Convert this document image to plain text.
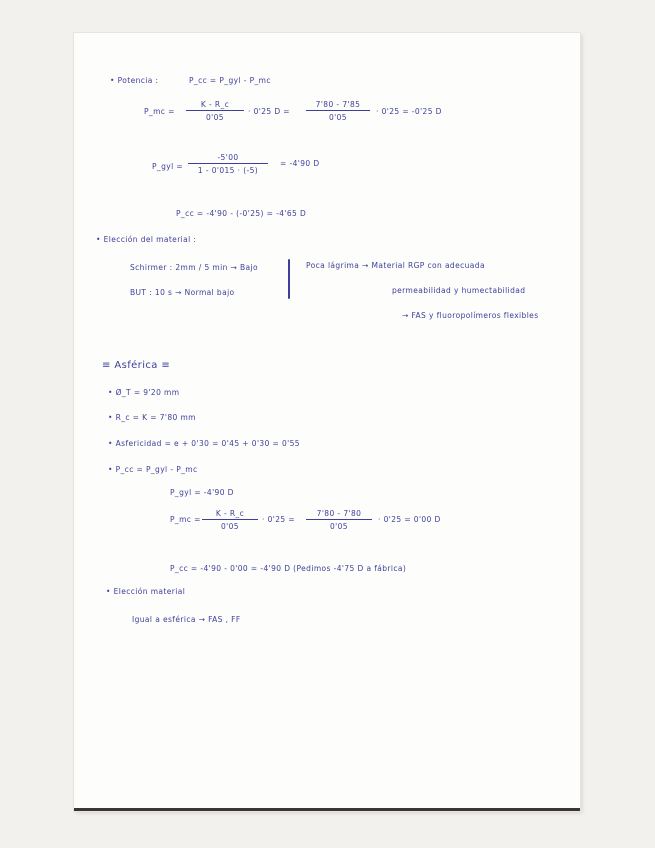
• Potencia :	P_cc = P_gyl - P_mc
P_mc = $\frac{K - R\_c}{0'05} \cdot 0'25$ $D = \frac{7'80 - 7'85}{0'05} \cdot 0'25 = -0'25$ D
P_gyl = $\frac{-5'00}{1 - 0'015 \cdot (-5)} = -4'90$ D
P_cc = -4'90 - (-0'25) = -4'65 D
• Elección del material :
Schirmer : 2mm / 5 min → Bajo
BUT : 10 s → Normal bajo
Poca lágrima → Material RGP con adecuada
permeabilidad y humectabilidad
→ FAS y fluoropolímeros flexibles
≡ Asférica ≡
• Ø_T = 9'20 mm
• R_c = K = 7'80 mm
• Asfericidad = e + 0'30 = 0'45 + 0'30 = 0'55
• P_cc = P_gyl - P_mc
P_gyl = -4'90 D
P_mc = $\frac{K - R\_c}{0'05} \cdot 0'25 = \frac{7'80 - 7'80}{0'05} \cdot 0'25 = 0'00$ D
P_cc = -4'90 - 0'00 = -4'90 D (Pedimos -4'75 D a fábrica)
• Elección material
Igual a esférica → FAS , FF
